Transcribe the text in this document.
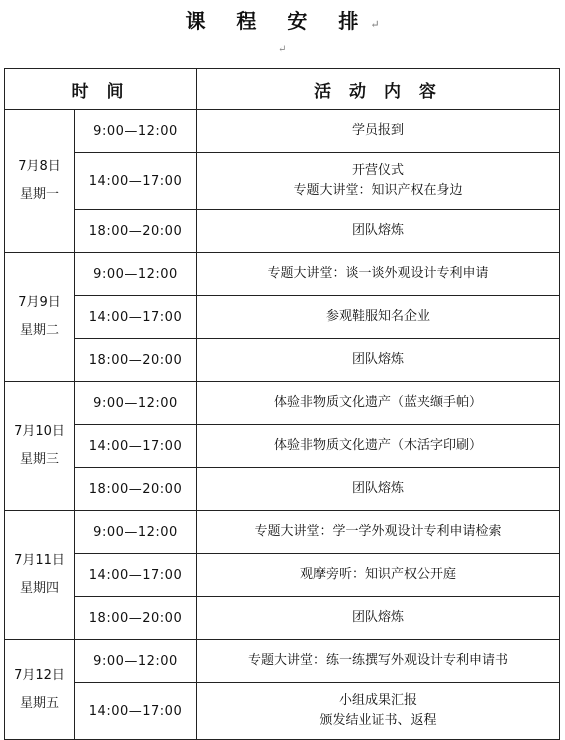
课 程 安 排↵
↵
时 间		活 动 内 容

7月8日
星期一	9:00—12:00	学员报到

	14:00—17:00	开营仪式
专题大讲堂：知识产权在身边

	18:00—20:00	团队熔炼

7月9日
星期二	9:00—12:00	专题大讲堂：谈一谈外观设计专利申请

	14:00—17:00	参观鞋服知名企业

	18:00—20:00	团队熔炼

7月10日
星期三	9:00—12:00	体验非物质文化遗产（蓝夹缬手帕）

	14:00—17:00	体验非物质文化遗产（木活字印刷）

	18:00—20:00	团队熔炼

7月11日
星期四	9:00—12:00	专题大讲堂：学一学外观设计专利申请检索

	14:00—17:00	观摩旁听：知识产权公开庭

	18:00—20:00	团队熔炼

7月12日
星期五	9:00—12:00	专题大讲堂：练一练撰写外观设计专利申请书

	14:00—17:00	小组成果汇报
颁发结业证书、返程
